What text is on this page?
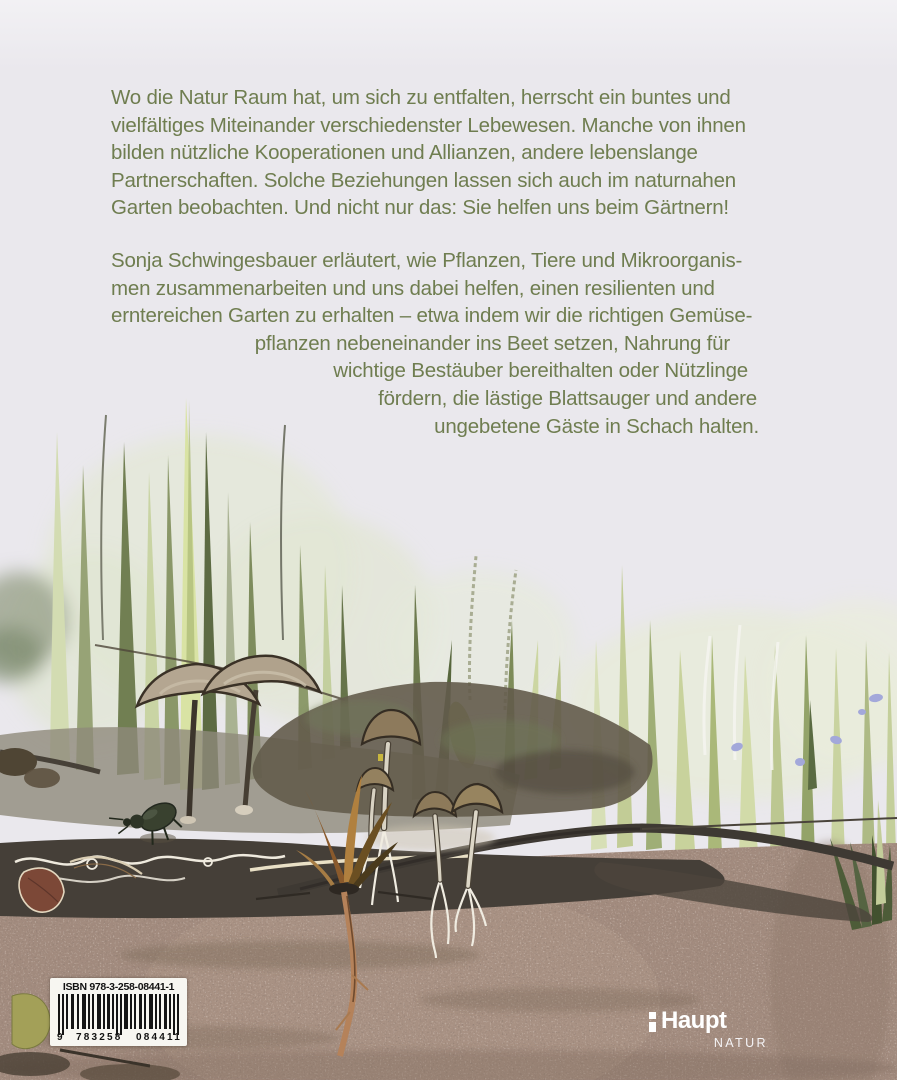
Wo die Natur Raum hat, um sich zu entfalten, herrscht ein buntes und
vielfältiges Miteinander verschiedenster Lebewesen. Manche von ihnen
bilden nützliche Kooperationen und Allianzen, andere lebenslange
Partnerschaften. Solche Beziehungen lassen sich auch im naturnahen
Garten beobachten. Und nicht nur das: Sie helfen uns beim Gärtnern!
Sonja Schwingesbauer erläutert, wie Pflanzen, Tiere und Mikroorganis-
men zusammenarbeiten und uns dabei helfen, einen resilienten und
erntereichen Garten zu erhalten – etwa indem wir die richtigen Gemüse-
pflanzen nebeneinander ins Beet setzen, Nahrung für
wichtige Bestäuber bereithalten oder Nützlinge
fördern, die lästige Blattsauger und andere
ungebetene Gäste in Schach halten.
ISBN 978-3-258-08441-1
9 783258 084411
Haupt
NATUR
